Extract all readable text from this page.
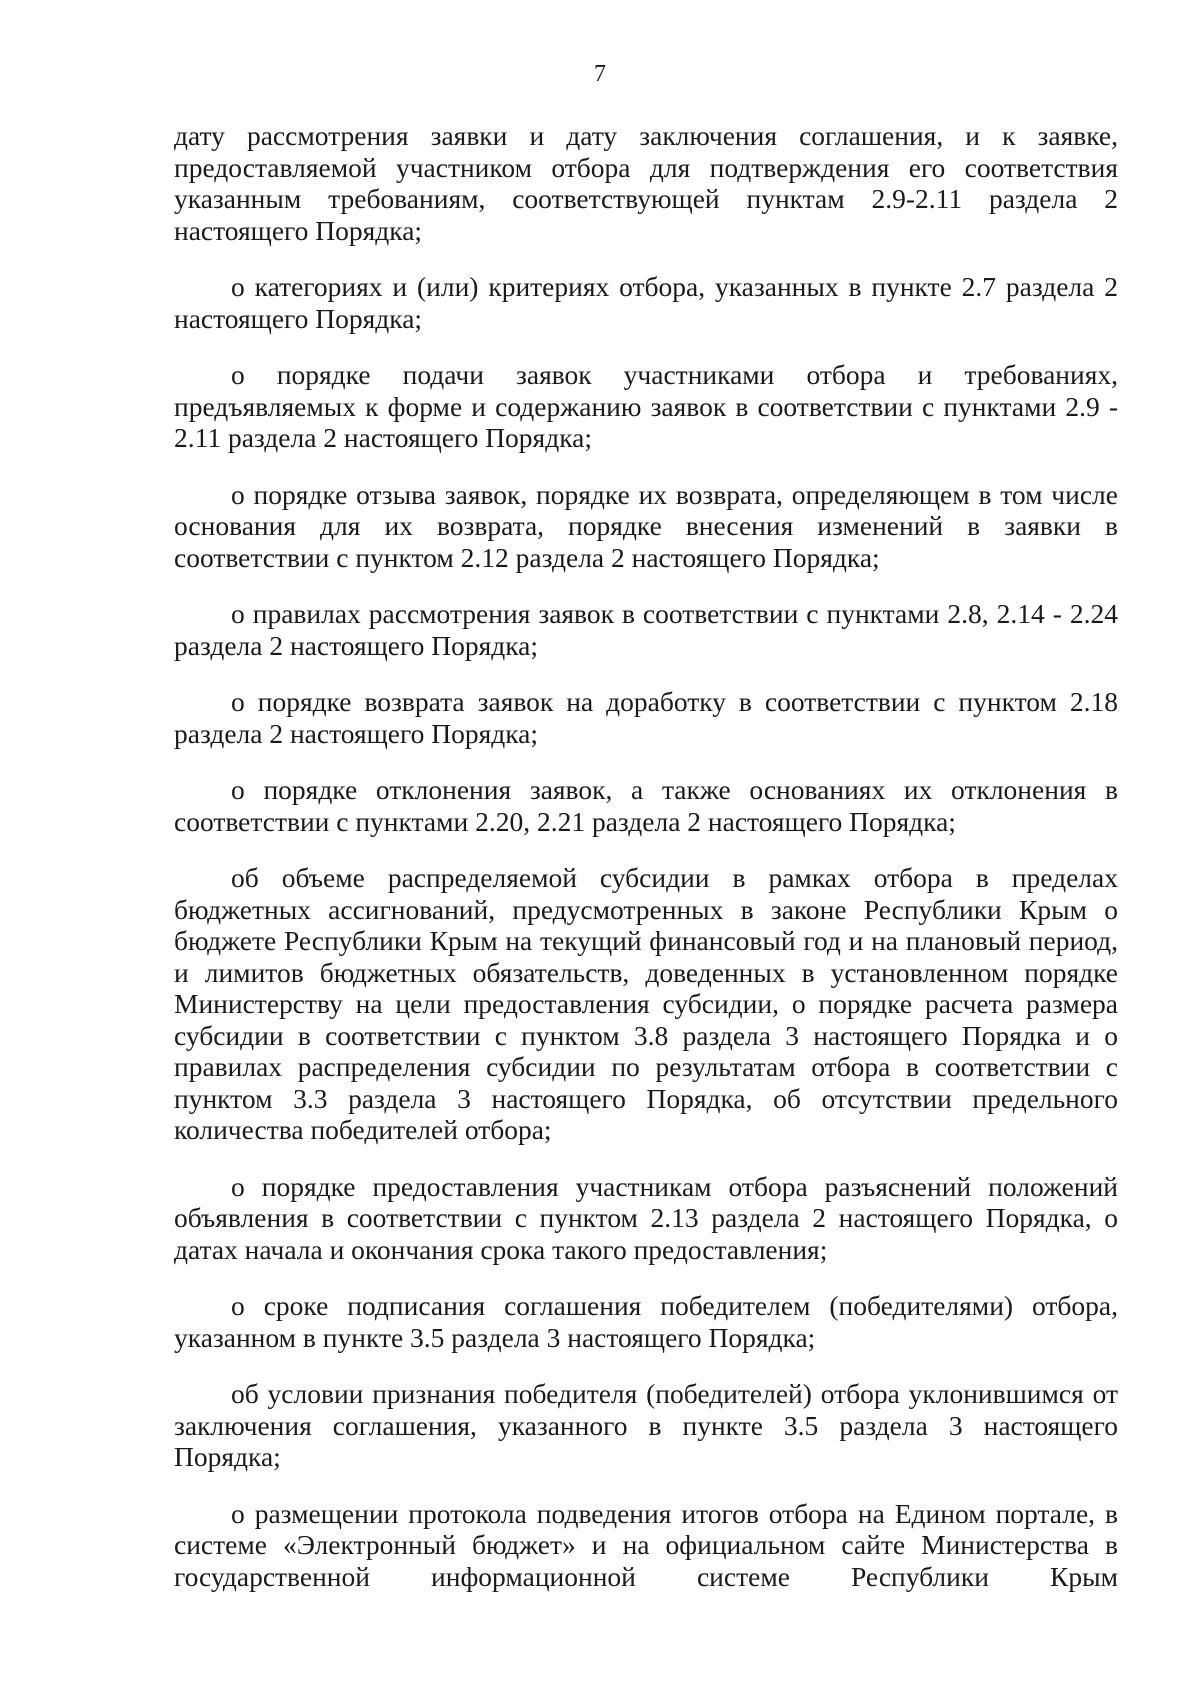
7

дату рассмотрения заявки и дату заключения соглашения, и к заявке, предоставляемой участником отбора для подтверждения его соответствия указанным требованиям, соответствующей пунктам 2.9-2.11 раздела 2 настоящего Порядка;

о категориях и (или) критериях отбора, указанных в пункте 2.7 раздела 2 настоящего Порядка;

о порядке подачи заявок участниками отбора и требованиях, предъявляемых к форме и содержанию заявок в соответствии с пунктами 2.9 - 2.11 раздела 2 настоящего Порядка;

о порядке отзыва заявок, порядке их возврата, определяющем в том числе основания для их возврата, порядке внесения изменений в заявки в соответствии с пунктом 2.12 раздела 2 настоящего Порядка;

о правилах рассмотрения заявок в соответствии с пунктами 2.8, 2.14 - 2.24 раздела 2 настоящего Порядка;

о порядке возврата заявок на доработку в соответствии с пунктом 2.18 раздела 2 настоящего Порядка;

о порядке отклонения заявок, а также основаниях их отклонения в соответствии с пунктами 2.20, 2.21 раздела 2 настоящего Порядка;

об объеме распределяемой субсидии в рамках отбора в пределах бюджетных ассигнований, предусмотренных в законе Республики Крым о бюджете Республики Крым на текущий финансовый год и на плановый период, и лимитов бюджетных обязательств, доведенных в установленном порядке Министерству на цели предоставления субсидии, о порядке расчета размера субсидии в соответствии с пунктом 3.8 раздела 3 настоящего Порядка и о правилах распределения субсидии по результатам отбора в соответствии с пунктом 3.3 раздела 3 настоящего Порядка, об отсутствии предельного количества победителей отбора;

о порядке предоставления участникам отбора разъяснений положений объявления в соответствии с пунктом 2.13 раздела 2 настоящего Порядка, о датах начала и окончания срока такого предоставления;

о сроке подписания соглашения победителем (победителями) отбора, указанном в пункте 3.5 раздела 3 настоящего Порядка;

об условии признания победителя (победителей) отбора уклонившимся от заключения соглашения, указанного в пункте 3.5 раздела 3 настоящего Порядка;

о размещении протокола подведения итогов отбора на Едином портале, в системе «Электронный бюджет» и на официальном сайте Министерства в государственной информационной системе Республики Крым
